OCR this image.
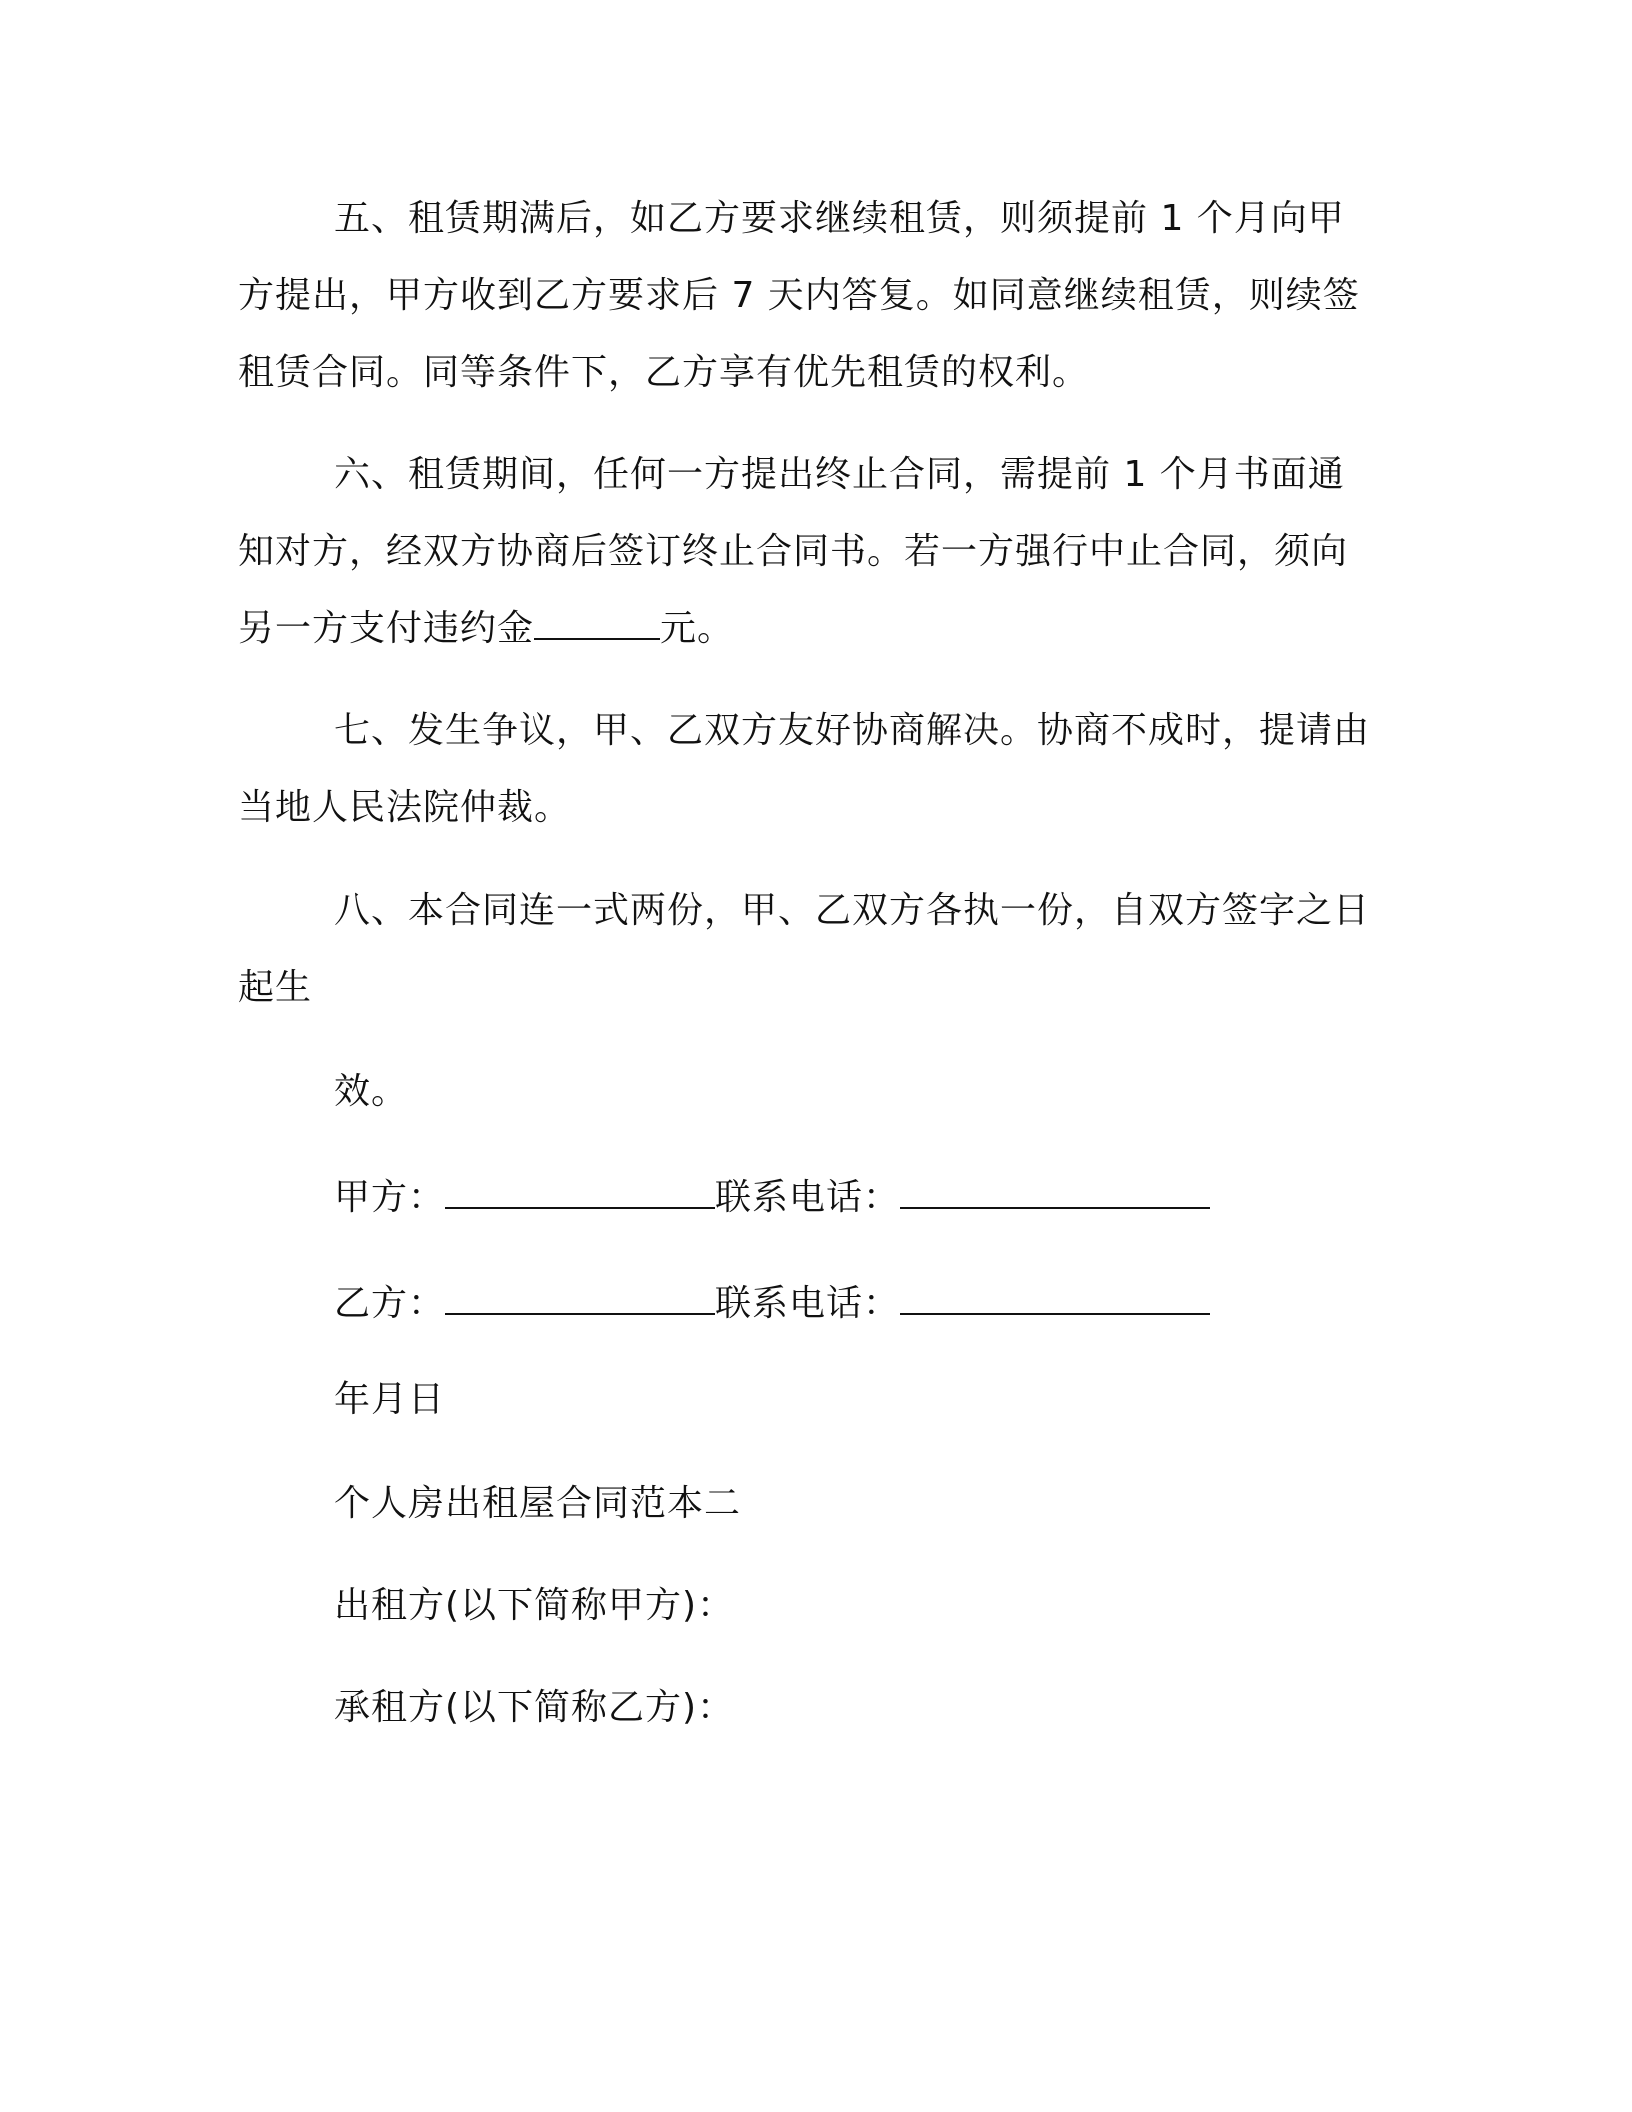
五、租赁期满后，如乙方要求继续租赁，则须提前 1 个月向甲方提出，甲方收到乙方要求后 7 天内答复。如同意继续租赁，则续签租赁合同。同等条件下，乙方享有优先租赁的权利。

六、租赁期间，任何一方提出终止合同，需提前 1 个月书面通知对方，经双方协商后签订终止合同书。若一方强行中止合同，须向另一方支付违约金	元。

七、发生争议，甲、乙双方友好协商解决。协商不成时，提请由当地人民法院仲裁。

八、本合同连一式两份，甲、乙双方各执一份，自双方签字之日起生

效。

甲方：	联系电话：

乙方：	联系电话：

年月日

个人房出租屋合同范本二

出租方(以下简称甲方)：

承租方(以下简称乙方)：
